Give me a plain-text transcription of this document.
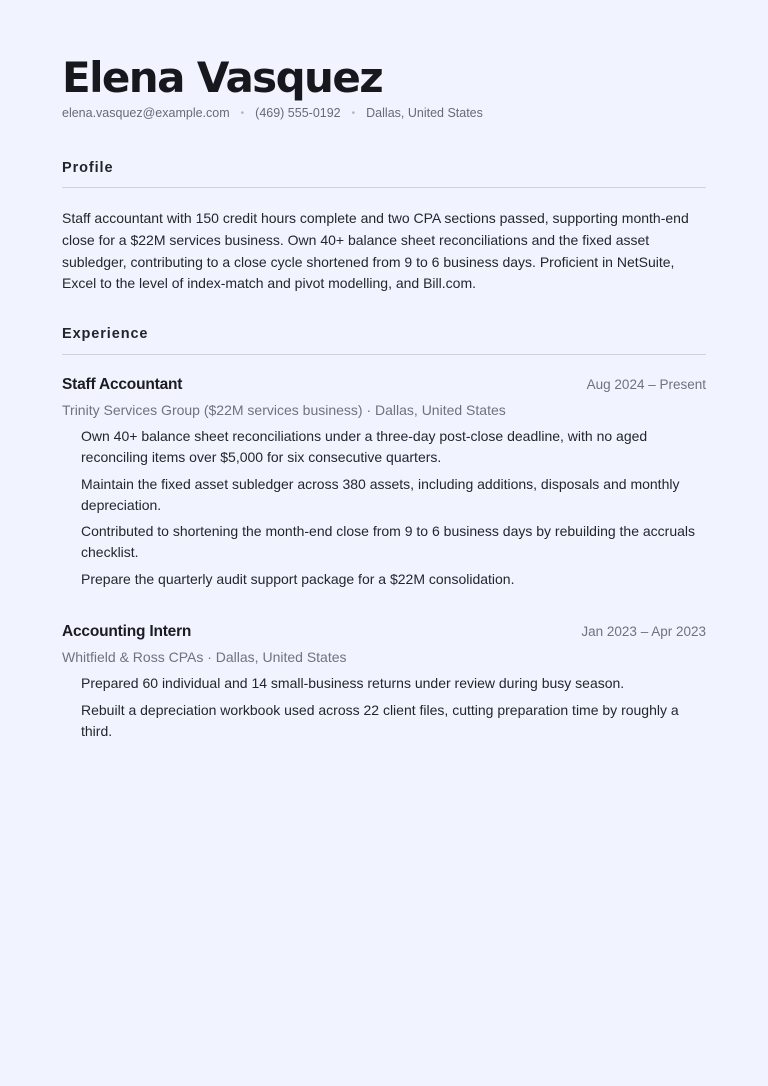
Elena Vasquez
elena.vasquez@example.com • (469) 555-0192 • Dallas, United States
Profile

Staff accountant with 150 credit hours complete and two CPA sections passed, supporting month-end close for a $22M services business. Own 40+ balance sheet reconciliations and the fixed asset subledger, contributing to a close cycle shortened from 9 to 6 business days. Proficient in NetSuite, Excel to the level of index-match and pivot modelling, and Bill.com.

Experience
Staff Accountant	Aug 2024 – Present
Trinity Services Group ($22M services business) · Dallas, United States
Own 40+ balance sheet reconciliations under a three-day post-close deadline, with no aged reconciling items over $5,000 for six consecutive quarters.
Maintain the fixed asset subledger across 380 assets, including additions, disposals and monthly depreciation.
Contributed to shortening the month-end close from 9 to 6 business days by rebuilding the accruals checklist.
Prepare the quarterly audit support package for a $22M consolidation.
Accounting Intern	Jan 2023 – Apr 2023
Whitfield & Ross CPAs · Dallas, United States
Prepared 60 individual and 14 small-business returns under review during busy season.
Rebuilt a depreciation workbook used across 22 client files, cutting preparation time by roughly a third.
